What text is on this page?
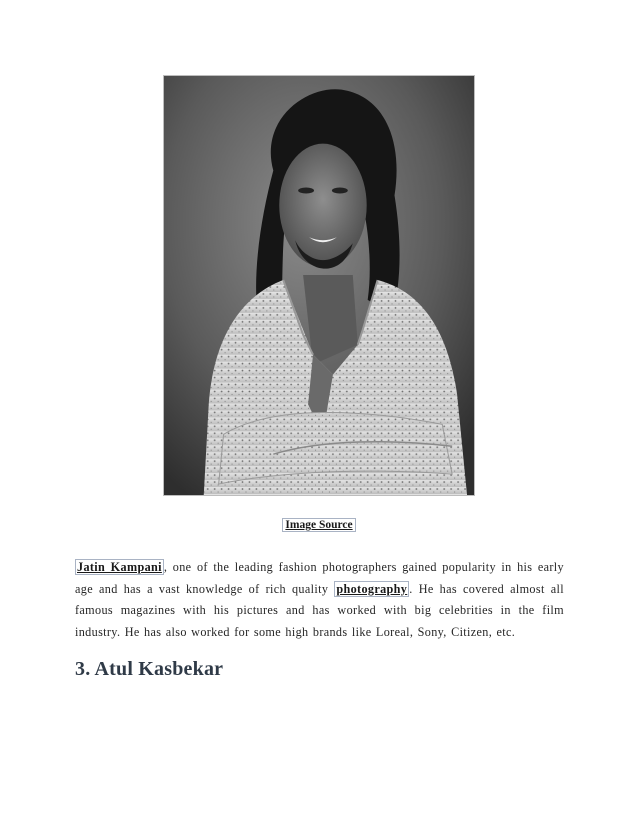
Image Source

Jatin Kampani , one of the leading fashion photographers gained popularity in his early age and has a vast knowledge of rich quality photography . He has covered almost all famous magazines with his pictures and has worked with big celebrities in the film industry. He has also worked for some high brands like Loreal, Sony, Citizen, etc.

3. Atul Kasbekar
